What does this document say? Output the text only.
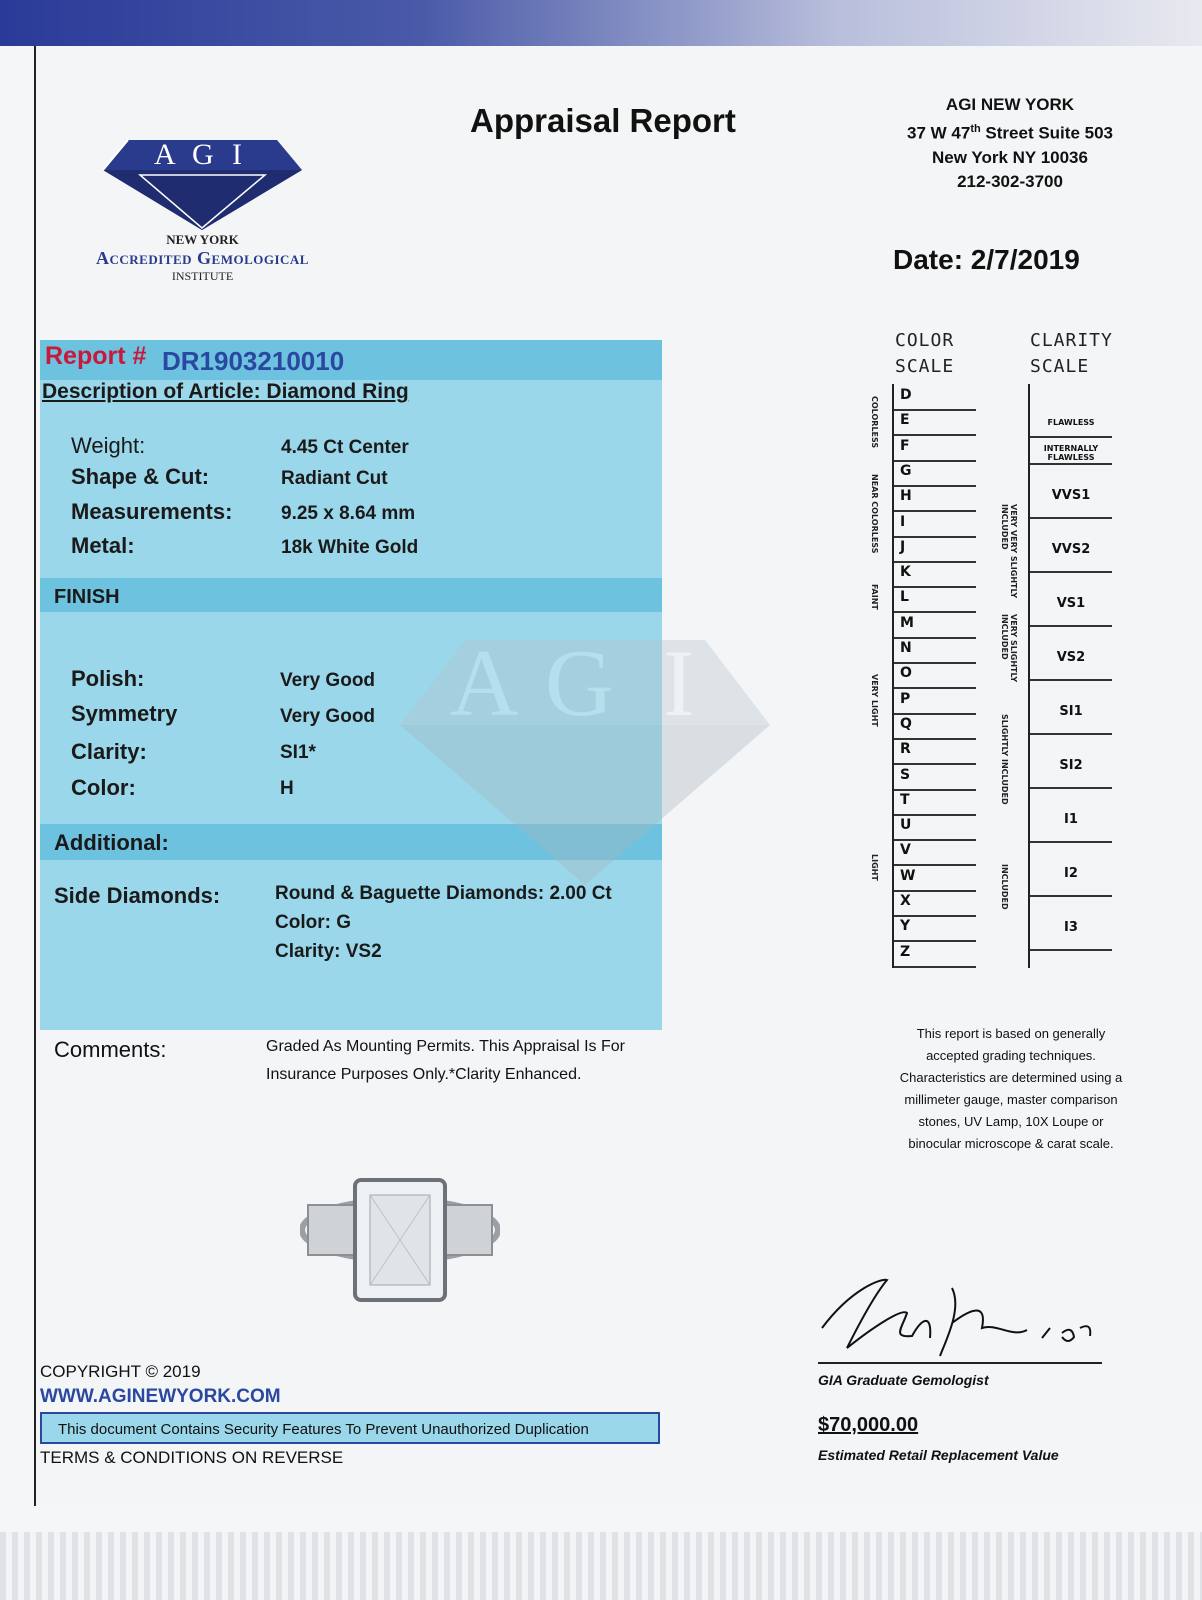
A G I
NEW YORK
Accredited Gemological
INSTITUTE
Appraisal Report	AGI NEW YORK
37 W 47th Street Suite 503
New York NY 10036
212-302-3700
Date: 2/7/2019
A G I
Report # DR1903210010
Description of Article: Diamond Ring
Weight:	4.45 Ct Center
Shape & Cut:	Radiant Cut
Measurements:	9.25 x 8.64 mm
Metal:	18k White Gold
FINISH
Polish:	Very Good
Symmetry	Very Good
Clarity:	SI1*
Color:	H
Additional:
Side Diamonds:	Round & Baguette Diamonds: 2.00 Ct
Color: G
Clarity: VS2
Comments:	Graded As Mounting Permits. This Appraisal Is For
Insurance Purposes Only.*Clarity Enhanced.
COLOR
SCALE
D
E
F
G
H
I
J
K
L
M
N
O
P
Q
R
S
T
U
V
W
X
Y
Z
COLORLESS
NEAR COLORLESS
FAINT
VERY LIGHT
LIGHT
CLARITY
SCALE
FLAWLESS
INTERNALLY FLAWLESS
VVS1
VVS2
VS1
VS2
SI1
SI2
I1
I2
I3
VERY VERY SLIGHTLY INCLUDED
VERY SLIGHTLY INCLUDED
SLIGHTLY INCLUDED
INCLUDED
This report is based on generally accepted grading techniques. Characteristics are determined using a millimeter gauge, master comparison stones, UV Lamp, 10X Loupe or binocular microscope & carat scale.
COPYRIGHT © 2019
WWW.AGINEWYORK.COM
This document Contains Security Features To Prevent Unauthorized Duplication
TERMS & CONDITIONS ON REVERSE
GIA Graduate Gemologist
$70,000.00
Estimated Retail Replacement Value
